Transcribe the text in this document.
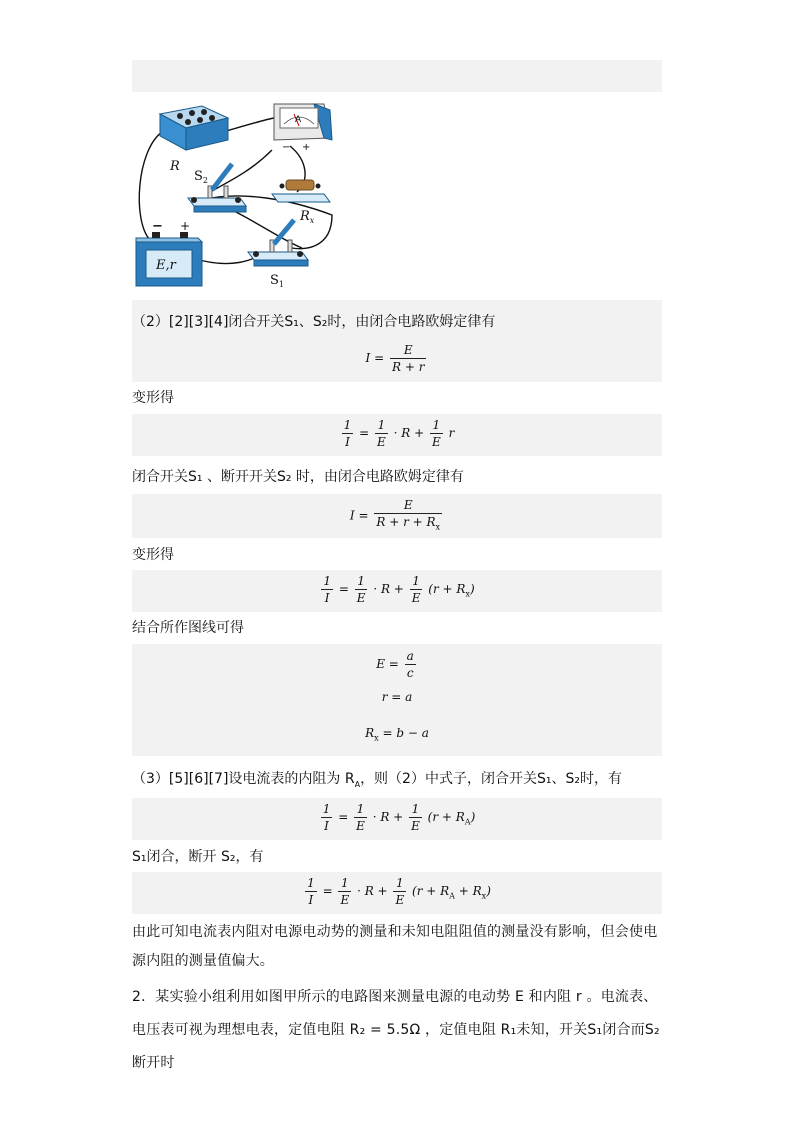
R
A
− +
$S_2$
$R_x$
− +
E,r
$S_1$
（2）[2][3][4]闭合开关S₁、S₂时，由闭合电路欧姆定律有
$I = \frac{E}{R + r}$
变形得
$\frac{1}{I} = \frac{1}{E} \cdot R + \frac{1}{E}$ r
闭合开关S₁ 、断开开关S₂ 时，由闭合电路欧姆定律有
$I = \frac{E}{R + r + R_x}$
变形得
$\frac{1}{I} = \frac{1}{E} \cdot R + \frac{1}{E} (r + R_x)$
结合所作图线可得
$E = \frac{a}{c}$
r = a
$R_x = b - a$
（3）[5][6][7]设电流表的内阻为 $R_A$，则（2）中式子，闭合开关S₁、S₂时，有
$\frac{1}{I} = \frac{1}{E} \cdot R + \frac{1}{E} (r + R_A)$
S₁闭合，断开 S₂，有
$\frac{1}{I} = \frac{1}{E} \cdot R + \frac{1}{E} (r + R_A + R_x)$
由此可知电流表内阻对电源电动势的测量和未知电阻阻值的测量没有影响，但会使电源内阻的测量值偏大。
2．某实验小组利用如图甲所示的电路图来测量电源的电动势 E 和内阻 r 。电流表、电压表可视为理想电表，定值电阻 R₂ = 5.5Ω ，定值电阻 R₁未知，开关S₁闭合而S₂断开时
